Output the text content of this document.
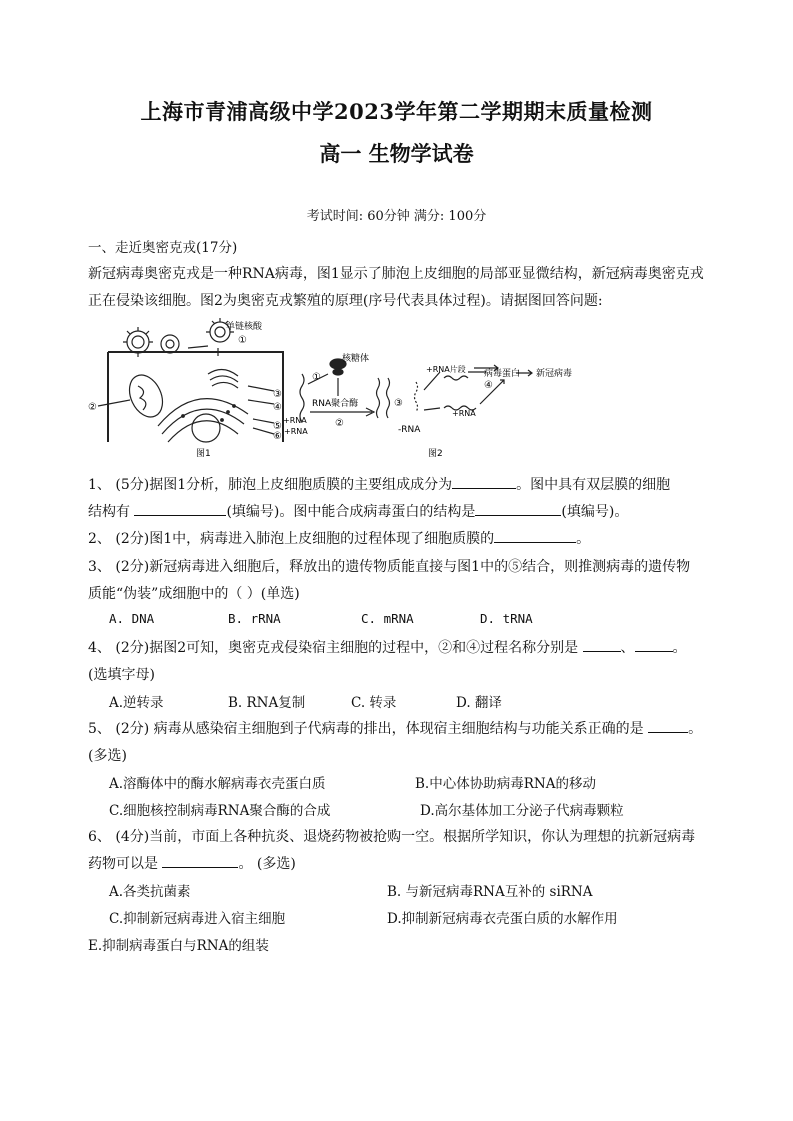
上海市青浦高级中学2023学年第二学期期末质量检测
高一 生物学试卷
考试时间: 60分钟 满分: 100分
一、走近奥密克戎(17分)
新冠病毒奥密克戎是一种RNA病毒，图1显示了肺泡上皮细胞的局部亚显微结构，新冠病毒奥密克戎
正在侵染该细胞。图2为奥密克戎繁殖的原理(序号代表具体过程)。请据图回答问题:
单链核酸
①
②
③
④
⑤
⑥
+RNA
图1
核糖体
①
RNA聚合酶
②
③
-RNA
+RNA
+RNA片段
④
病毒蛋白 新冠病毒
+RNA
图2
1、 (5分)据图1分析，肺泡上皮细胞质膜的主要组成成分为	。图中具有双层膜的细胞
结构有	(填编号)。图中能合成病毒蛋白的结构是	(填编号)。
2、 (2分)图1中，病毒进入肺泡上皮细胞的过程体现了细胞质膜的	。
3、 (2分)新冠病毒进入细胞后，释放出的遗传物质能直接与图1中的⑤结合，则推测病毒的遗传物
质能“伪装”成细胞中的（ ）(单选)
A. DNA	B. rRNA	C. mRNA	D. tRNA
4、 (2分)据图2可知，奥密克戎侵染宿主细胞的过程中，②和④过程名称分别是	、	。
(选填字母)
A.逆转录	B. RNA复制	C. 转录	D. 翻译
5、 (2分) 病毒从感染宿主细胞到子代病毒的排出，体现宿主细胞结构与功能关系正确的是	。
(多选)
A.溶酶体中的酶水解病毒衣壳蛋白质	B.中心体协助病毒RNA的移动
C.细胞核控制病毒RNA聚合酶的合成	D.高尔基体加工分泌子代病毒颗粒
6、 (4分)当前，市面上各种抗炎、退烧药物被抢购一空。根据所学知识，你认为理想的抗新冠病毒
药物可以是	。 (多选)
A.各类抗菌素	B. 与新冠病毒RNA互补的 siRNA
C.抑制新冠病毒进入宿主细胞	D.抑制新冠病毒衣壳蛋白质的水解作用
E.抑制病毒蛋白与RNA的组装
